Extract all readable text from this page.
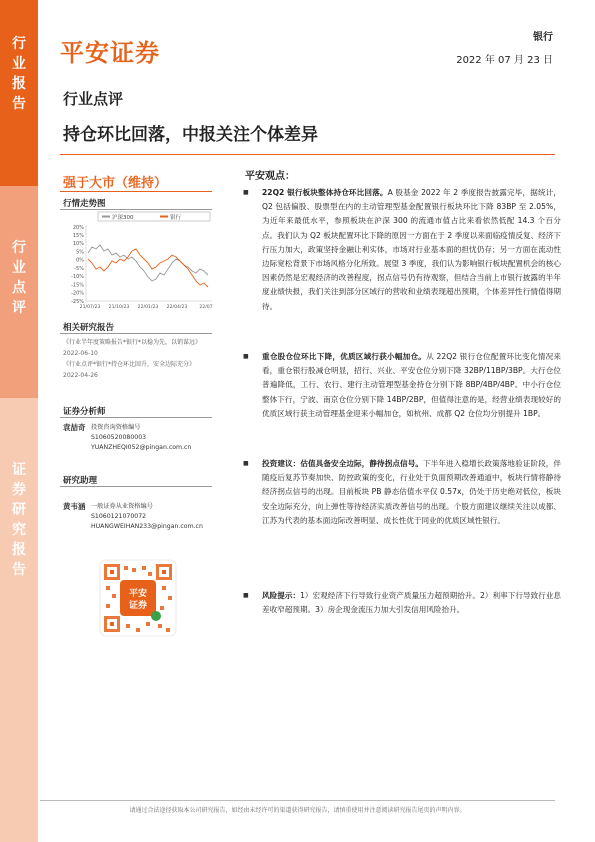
行
业
报
告
行
业
点
评
证
券
研
究
报
告
平安证券
银行
2022 年 07 月 23 日
行业点评
持仓环比回落，中报关注个体差异
强于大市（维持）
行情走势图
沪深300	银行
20%
15%
10%
5%
0%
-5%
-10%
-15%
-20%
-25%
21/07/23 21/10/23 22/01/23 22/04/23	22/07
相关研究报告
《行业半年度策略报告*银行*以稳为先，以销谋远》
2022-06-10
《行业点评*银行*持仓环比回升，安全边际充分》
2022-04-26
证券分析师
袁喆奇 投资咨询资格编号
S1060520080003
YUANZHEQI052@pingan.com.cn
研究助理
黄韦涵 一般证券从业资格编号
S1060121070072
HUANGWEIHAN233@pingan.com.cn
平安
证券
平安观点：
■ 22Q2 银行板块整体持仓环比回落。A 股基金 2022 年 2 季度报告披露完毕，据统计，Q2 包括偏股、股票型在内的主动管理型基金配置银行板块环比下降 83BP 至 2.05%，为近年来最低水平，参照板块在沪深 300 的流通市值占比来看依然低配 14.3 个百分点。我们认为 Q2 板块配置环比下降的原因一方面在于 2 季度以来面临疫情反复、经济下行压力加大，政策坚持金融让利实体，市场对行业基本面的担忧仍存；另一方面在流动性边际宽松背景下市场风格分化所致。展望 3 季度，我们认为影响银行板块配置机会的核心因素仍然是宏观经济的改善程度，拐点信号仍有待观察，但结合当前上市银行披露的半年度业绩快报，我们关注到部分区域行的营收和业绩表现超出预期，个体差异性行情值得期待。
■ 重仓股仓位环比下降，优质区域行获小幅加仓。从 22Q2 银行仓位配置环比变化情况来看，重仓银行股减仓明显，招行、兴业、平安仓位分别下降 32BP/11BP/3BP。大行仓位普遍降低，工行、农行、建行主动管理型基金持仓分别下降 8BP/4BP/4BP。中小行仓位整体下行，宁波、南京仓位分别下降 14BP/2BP，但值得注意的是，经营业绩表现较好的优质区域行获主动管理基金迎来小幅加仓，如杭州、成都 Q2 仓位均分别提升 1BP。
■ 投资建议：估值具备安全边际，静待拐点信号。下半年进入稳增长政策落地验证阶段，伴随疫后复苏节奏加快、防控政策的变化，行业处于负面预期改善通道中，板块行情将静待经济拐点信号的出现。目前板块 PB 静态估值水平仅 0.57x，仍处于历史绝对低位，板块安全边际充分，向上弹性等待经济实质改善信号的出现。个股方面建议继续关注以成都、江苏为代表的基本面边际改善明显、成长性优于同业的优质区域性银行。
■ 风险提示：1）宏观经济下行导致行业资产质量压力超预期抬升。2）利率下行导致行业息差收窄超预期。3）房企现金流压力加大引发信用风险抬升。
请通过合法途径获取本公司研究报告，如经由未经许可的渠道获得研究报告，请慎重使用并注意阅读研究报告尾页的声明内容。
